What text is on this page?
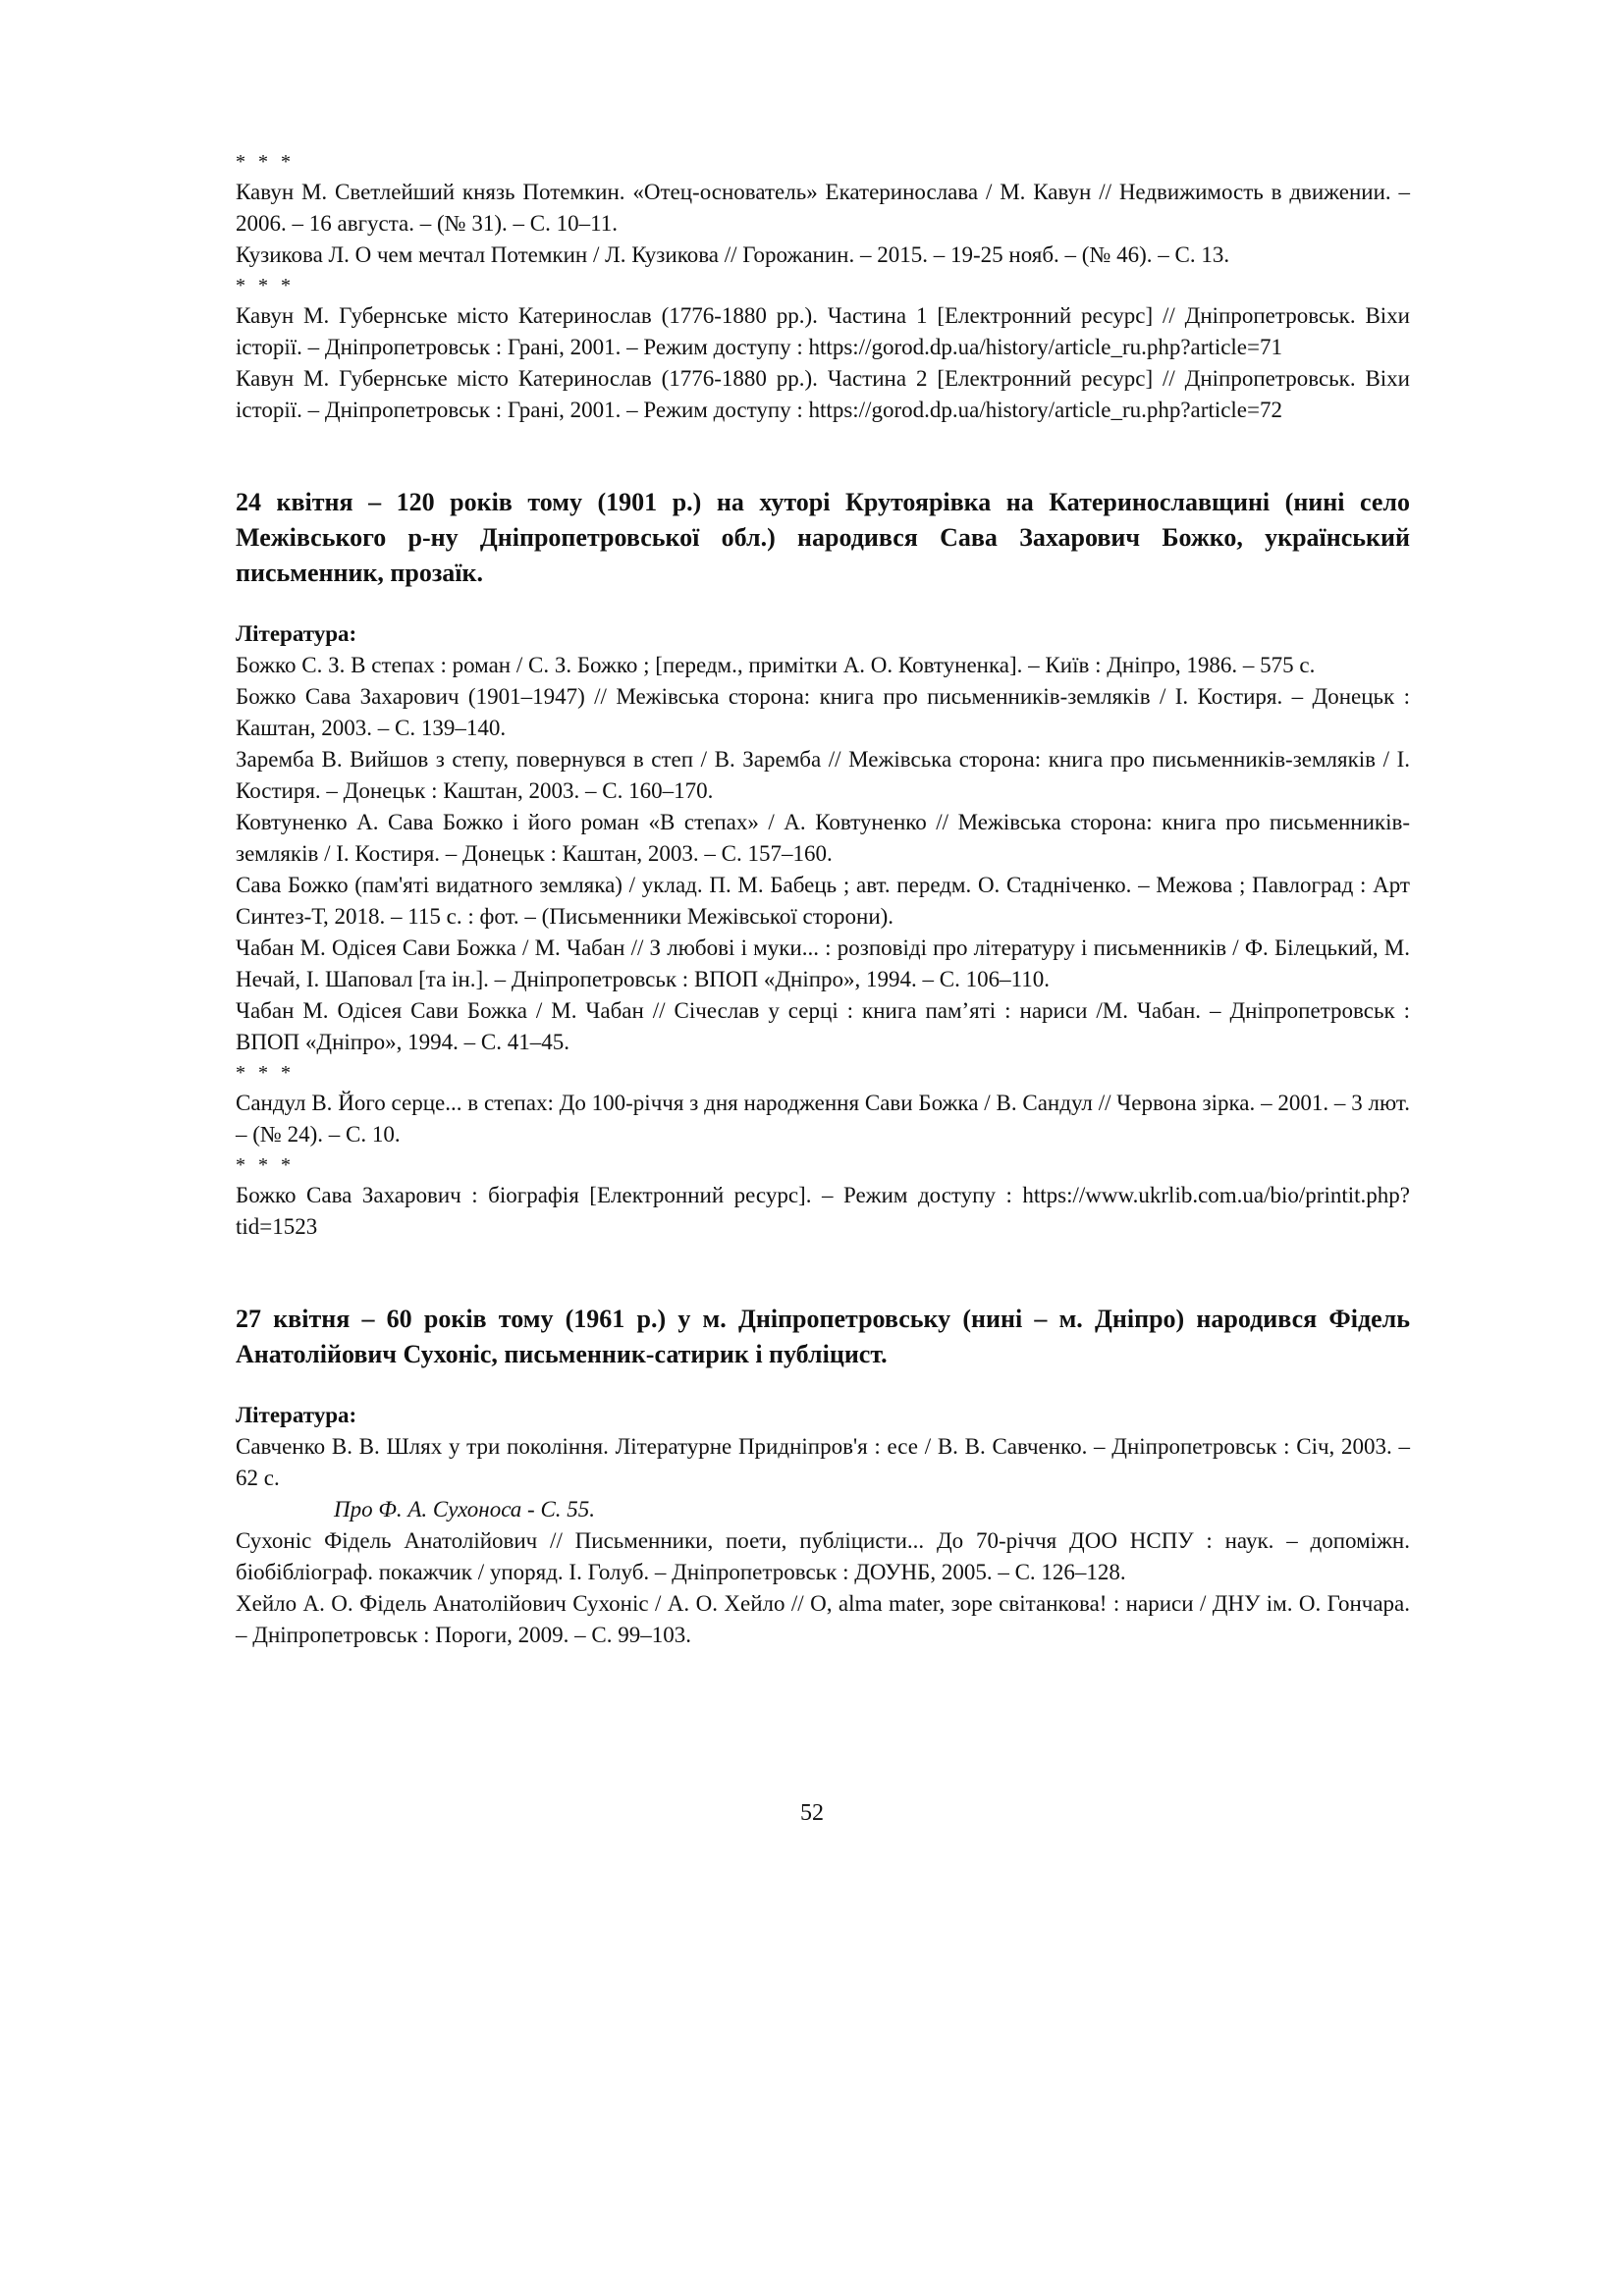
* * *

Кавун М. Светлейший князь Потемкин. «Отец-основатель» Екатеринослава / М. Кавун // Недвижимость в движении. – 2006. – 16 августа. – (№ 31). – С. 10–11.

Кузикова Л. О чем мечтал Потемкин / Л. Кузикова // Горожанин. – 2015. – 19-25 нояб. – (№ 46). – С. 13.

* * *

Кавун М. Губернське місто Катеринослав (1776-1880 рр.). Частина 1 [Електронний ресурс] // Дніпропетровськ. Віхи історії. – Дніпропетровськ : Грані, 2001. – Режим доступу : https://gorod.dp.ua/history/article_ru.php?article=71

Кавун М. Губернське місто Катеринослав (1776-1880 рр.). Частина 2 [Електронний ресурс] // Дніпропетровськ. Віхи історії. – Дніпропетровськ : Грані, 2001. – Режим доступу : https://gorod.dp.ua/history/article_ru.php?article=72

24 квітня – 120 років тому (1901 р.) на хуторі Крутоярівка на Катеринославщині (нині село Межівського р-ну Дніпропетровської обл.) народився Сава Захарович Божко, український письменник, прозаїк.

Література:

Божко С. З. В степах : роман / С. З. Божко ; [передм., примітки А. О. Ковтуненка]. – Київ : Дніпро, 1986. – 575 с.

Божко Сава Захарович (1901–1947) // Межівська сторона: книга про письменників-земляків / І. Костиря. – Донецьк : Каштан, 2003. – С. 139–140.

Заремба В. Вийшов з степу, повернувся в степ / В. Заремба // Межівська сторона: книга про письменників-земляків / І. Костиря. – Донецьк : Каштан, 2003. – С. 160–170.

Ковтуненко А. Сава Божко і його роман «В степах» / А. Ковтуненко // Межівська сторона: книга про письменників-земляків / І. Костиря. – Донецьк : Каштан, 2003. – С. 157–160.

Сава Божко (пам'яті видатного земляка) / уклад. П. М. Бабець ; авт. передм. О. Стадніченко. – Межова ; Павлоград : Арт Синтез-Т, 2018. – 115 с. : фот. – (Письменники Межівської сторони).

Чабан М. Одісея Сави Божка / М. Чабан // З любові і муки... : розповіді про літературу і письменників / Ф. Білецький, М. Нечай, І. Шаповал [та ін.]. – Дніпропетровськ : ВПОП «Дніпро», 1994. – С. 106–110.

Чабан М. Одісея Сави Божка / М. Чабан // Січеслав у серці : книга пам’яті : нариси /М. Чабан. – Дніпропетровськ : ВПОП «Дніпро», 1994. – С. 41–45.

* * *

Сандул В. Його серце... в степах: До 100-річчя з дня народження Сави Божка / В. Сандул // Червона зірка. – 2001. – 3 лют. – (№ 24). – С. 10.

* * *

Божко Сава Захарович : біографія [Електронний ресурс]. – Режим доступу : https://www.ukrlib.com.ua/bio/printit.php?tid=1523

27 квітня – 60 років тому (1961 р.) у м. Дніпропетровську (нині – м. Дніпро) народився Фідель Анатолійович Сухоніс, письменник-сатирик і публіцист.

Література:

Савченко В. В. Шлях у три покоління. Літературне Придніпров'я : есе / В. В. Савченко. – Дніпропетровськ : Січ, 2003. – 62 с.

Про Ф. А. Сухоноса - С. 55.

Сухоніс Фідель Анатолійович // Письменники, поети, публіцисти... До 70-річчя ДОО НСПУ : наук. – допоміжн. біобібліограф. покажчик / упоряд. І. Голуб. – Дніпропетровськ : ДОУНБ, 2005. – С. 126–128.

Хейло А. О. Фідель Анатолійович Сухоніс / А. О. Хейло // О, alma mater, зоре світанкова! : нариси / ДНУ ім. О. Гончара. – Дніпропетровськ : Пороги, 2009. – С. 99–103.

52
